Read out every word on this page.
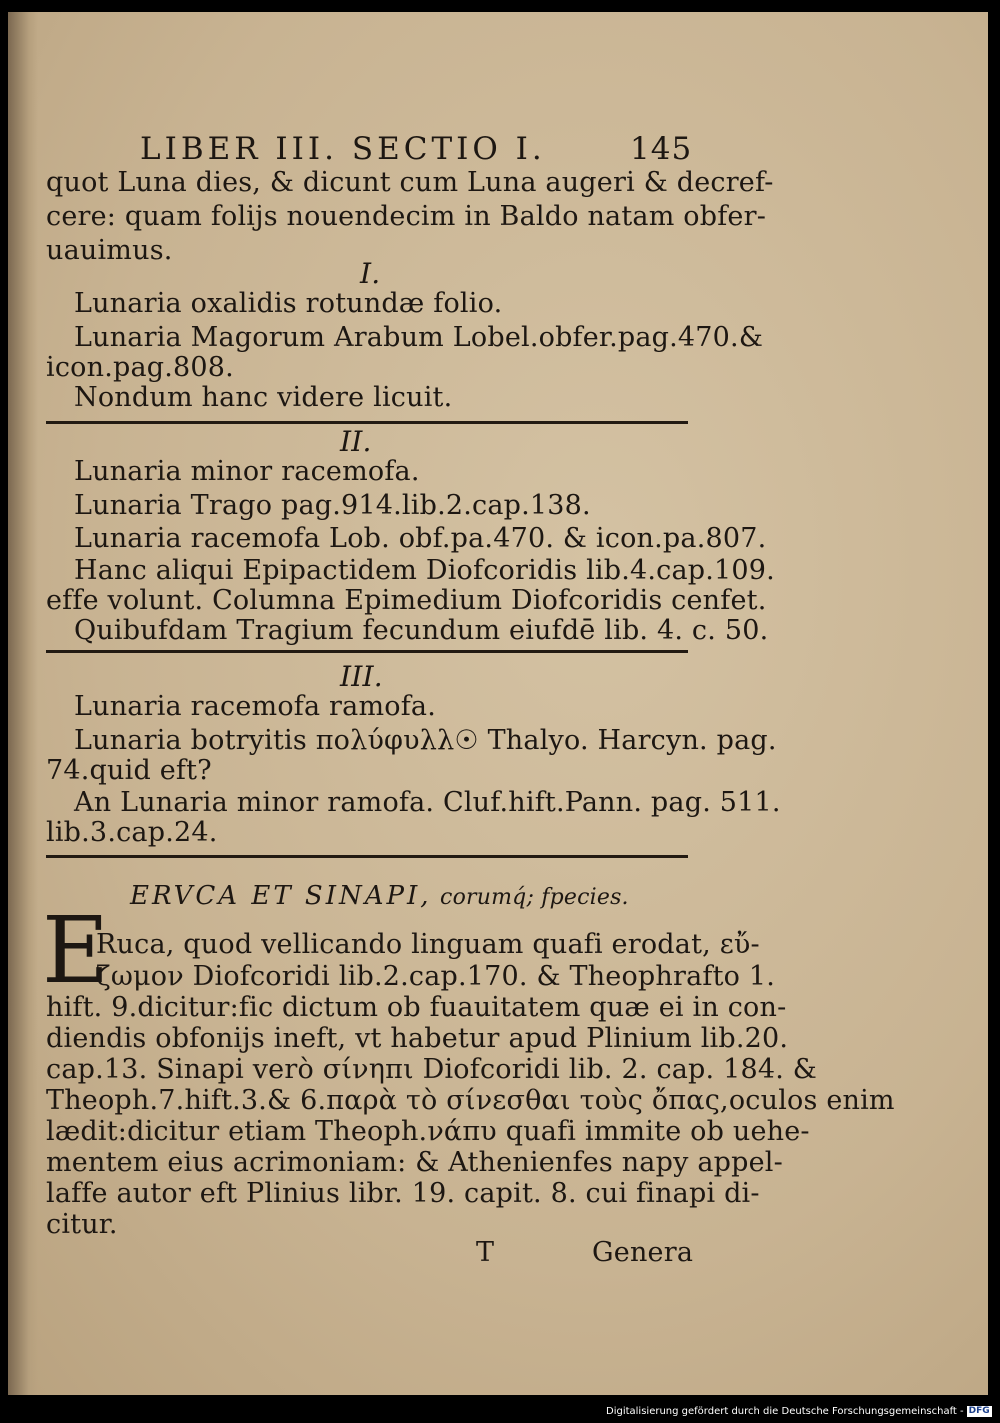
LIBER III. SECTIO I.	145
quot Luna dies, & dicunt cum Luna augeri & decref-
cere: quam folijs nouendecim in Baldo natam obfer-
uauimus.
I.
Lunaria oxalidis rotundæ folio.
Lunaria Magorum Arabum Lobel.obfer.pag.470.&
icon.pag.808.
Nondum hanc videre licuit.
II.
Lunaria minor racemofa.
Lunaria Trago pag.914.lib.2.cap.138.
Lunaria racemofa Lob. obf.pa.470. & icon.pa.807.
Hanc aliqui Epipactidem Diofcoridis lib.4.cap.109.
effe volunt. Columna Epimedium Diofcoridis cenfet.
Quibufdam Tragium fecundum eiufdē lib. 4. c. 50.
III.
Lunaria racemofa ramofa.
Lunaria botryitis πολύφυλλ☉ Thalyo. Harcyn. pag.
74.quid eft?
An Lunaria minor ramofa. Cluf.hift.Pann. pag. 511.
lib.3.cap.24.
ERVCA ET SINAPI, corumq́; fpecies.
E
Ruca, quod vellicando linguam quafi erodat, εὔ-
ζωμον Diofcoridi lib.2.cap.170. & Theophrafto 1.
hift. 9.dicitur:fic dictum ob fuauitatem quæ ei in con-
diendis obfonijs ineft, vt habetur apud Plinium lib.20.
cap.13. Sinapi verò σίνηπι Diofcoridi lib. 2. cap. 184. &
Theoph.7.hift.3.& 6.παρὰ τὸ σίνεσθαι τοὺς ὄπας,oculos enim
lædit:dicitur etiam Theoph.νάπυ quafi immite ob uehe-
mentem eius acrimoniam: & Athenienfes napy appel-
laffe autor eft Plinius libr. 19. capit. 8. cui finapi di-
citur.
T	Genera
Digitalisierung gefördert durch die Deutsche Forschungsgemeinschaft - DFG
